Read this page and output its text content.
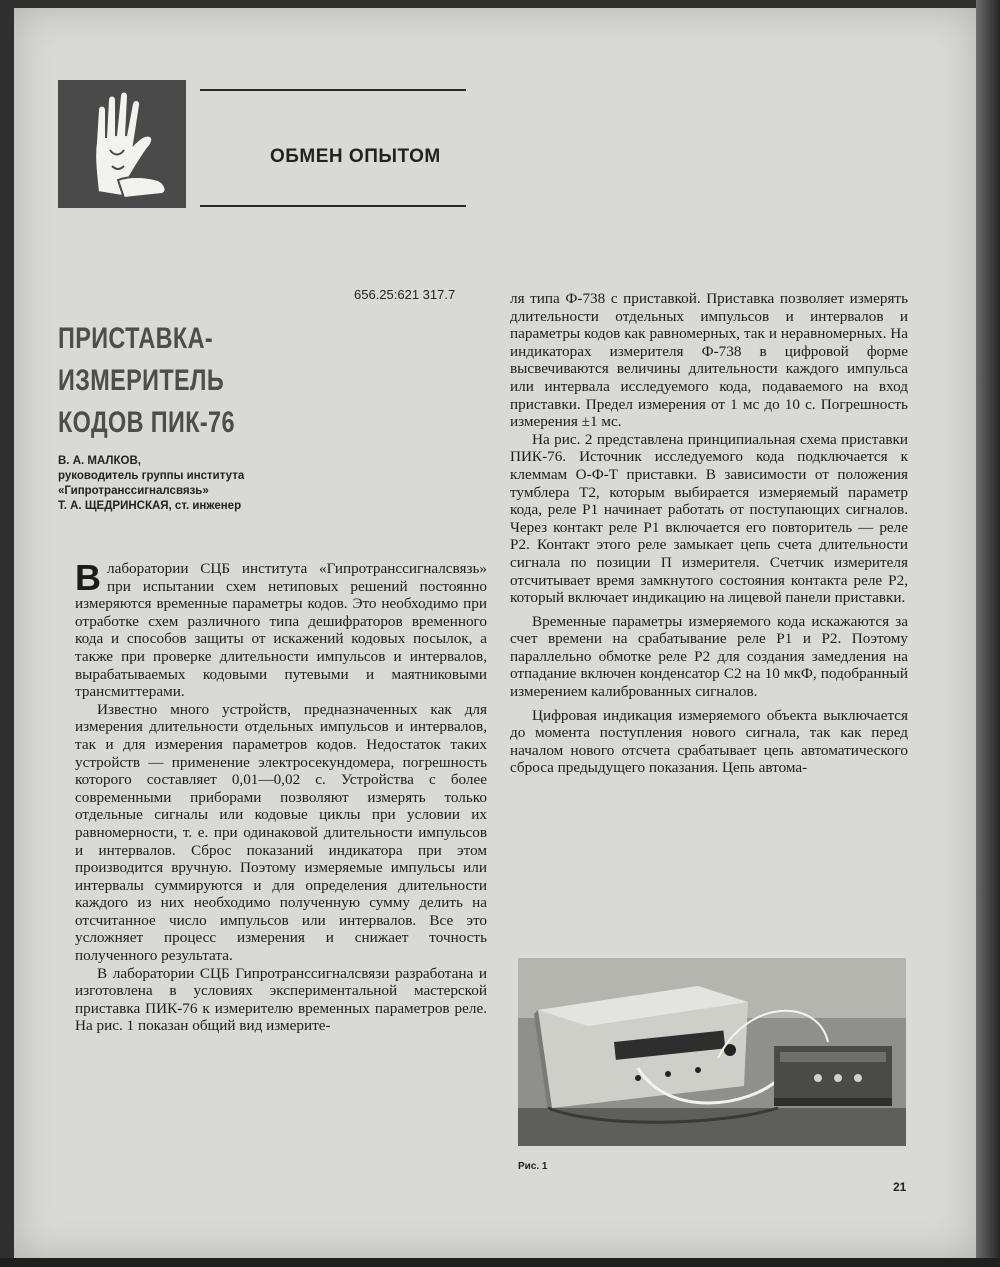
ОБМЕН ОПЫТОМ
656.25:621 317.7
ПРИСТАВКА-ИЗМЕРИТЕЛЬ
КОДОВ ПИК-76
В. А. МАЛКОВ,
руководитель группы института
«Гипротранссигналсвязь»
Т. А. ЩЕДРИНСКАЯ, ст. инженер

Влаборатории СЦБ института «Гипротранссигналсвязь» при испытании схем нетиповых решений постоянно измеряются временные параметры кодов. Это необходимо при отработке схем различного типа дешифраторов временного кода и способов защиты от искажений кодовых посылок, а также при проверке длительности импульсов и интервалов, вырабатываемых кодовыми путевыми и маятниковыми трансмиттерами.

Известно много устройств, предназначенных как для измерения длительности отдельных импульсов и интервалов, так и для измерения параметров кодов. Недостаток таких устройств — применение электросекундомера, погрешность которого составляет 0,01—0,02 с. Устройства с более современными приборами позволяют измерять только отдельные сигналы или кодовые циклы при условии их равномерности, т. е. при одинаковой длительности импульсов и интервалов. Сброс показаний индикатора при этом производится вручную. Поэтому измеряемые импульсы или интервалы суммируются и для определения длительности каждого из них необходимо полученную сумму делить на отсчитанное число импульсов или интервалов. Все это усложняет процесс измерения и снижает точность полученного результата.

В лаборатории СЦБ Гипротранссигналсвязи разработана и изготовлена в условиях экспериментальной мастерской приставка ПИК-76 к измерителю временных параметров реле. На рис. 1 показан общий вид измерите-

ля типа Ф-738 с приставкой. Приставка позволяет измерять длительности отдельных импульсов и интервалов и параметры кодов как равномерных, так и неравномерных. На индикаторах измерителя Ф-738 в цифровой форме высвечиваются величины длительности каждого импульса или интервала исследуемого кода, подаваемого на вход приставки. Предел измерения от 1 мс до 10 с. Погрешность измерения ±1 мс.

На рис. 2 представлена принципиальная схема приставки ПИК-76. Источник исследуемого кода подключается к клеммам О-Ф-Т приставки. В зависимости от положения тумблера Т2, которым выбирается измеряемый параметр кода, реле Р1 начинает работать от поступающих сигналов. Через контакт реле Р1 включается его повторитель — реле Р2. Контакт этого реле замыкает цепь счета длительности сигнала по позиции П измерителя. Счетчик измерителя отсчитывает время замкнутого состояния контакта реле Р2, который включает индикацию на лицевой панели приставки.

Временные параметры измеряемого кода искажаются за счет времени на срабатывание реле Р1 и Р2. Поэтому параллельно обмотке реле Р2 для создания замедления на отпадание включен конденсатор С2 на 10 мкФ, подобранный измерением калиброванных сигналов.

Цифровая индикация измеряемого объекта выключается до момента поступления нового сигнала, так как перед началом нового отсчета срабатывает цепь автоматического сброса предыдущего показания. Цепь автома-

Рис. 1
21
